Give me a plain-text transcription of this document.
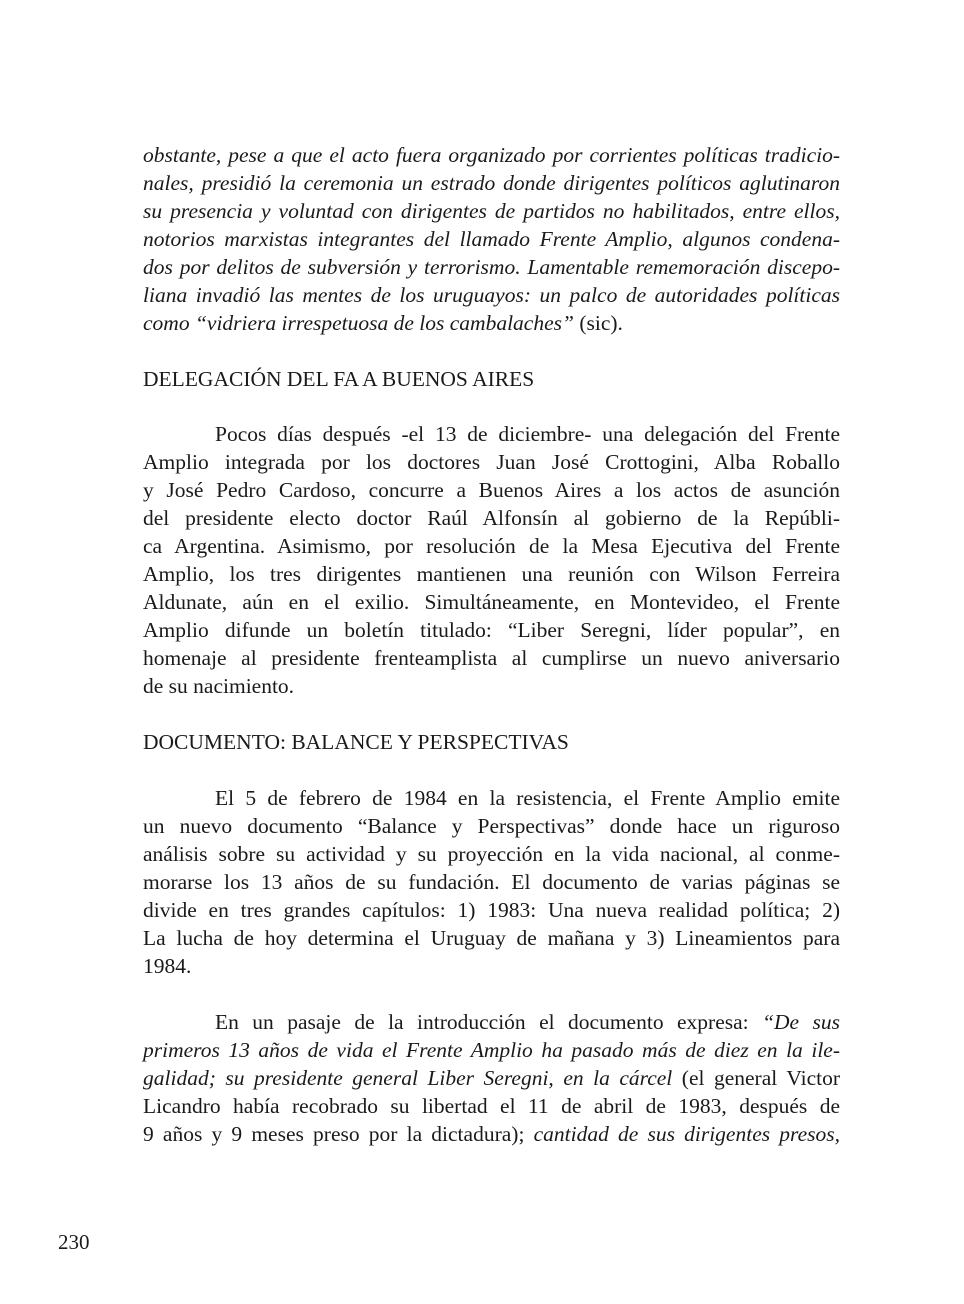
obstante, pese a que el acto fuera organizado por corrientes políticas tradicio-
nales, presidió la ceremonia un estrado donde dirigentes políticos aglutinaron
su presencia y voluntad con dirigentes de partidos no habilitados, entre ellos,
notorios marxistas integrantes del llamado Frente Amplio, algunos condena-
dos por delitos de subversión y terrorismo. Lamentable rememoración discepo-
liana invadió las mentes de los uruguayos: un palco de autoridades políticas
como “vidriera irrespetuosa de los cambalaches” (sic).
DELEGACIÓN DEL FA A BUENOS AIRES
Pocos días después -el 13 de diciembre- una delegación del Frente
Amplio integrada por los doctores Juan José Crottogini, Alba Roballo
y José Pedro Cardoso, concurre a Buenos Aires a los actos de asunción
del presidente electo doctor Raúl Alfonsín al gobierno de la Repúbli-
ca Argentina. Asimismo, por resolución de la Mesa Ejecutiva del Frente
Amplio, los tres dirigentes mantienen una reunión con Wilson Ferreira
Aldunate, aún en el exilio. Simultáneamente, en Montevideo, el Frente
Amplio difunde un boletín titulado: “Liber Seregni, líder popular”, en
homenaje al presidente frenteamplista al cumplirse un nuevo aniversario
de su nacimiento.
DOCUMENTO: BALANCE Y PERSPECTIVAS
El 5 de febrero de 1984 en la resistencia, el Frente Amplio emite
un nuevo documento “Balance y Perspectivas” donde hace un riguroso
análisis sobre su actividad y su proyección en la vida nacional, al conme-
morarse los 13 años de su fundación. El documento de varias páginas se
divide en tres grandes capítulos: 1) 1983: Una nueva realidad política; 2)
La lucha de hoy determina el Uruguay de mañana y 3) Lineamientos para
1984.
En un pasaje de la introducción el documento expresa: “De sus
primeros 13 años de vida el Frente Amplio ha pasado más de diez en la ile-
galidad; su presidente general Liber Seregni, en la cárcel (el general Victor
Licandro había recobrado su libertad el 11 de abril de 1983, después de
9 años y 9 meses preso por la dictadura); cantidad de sus dirigentes presos,
230
